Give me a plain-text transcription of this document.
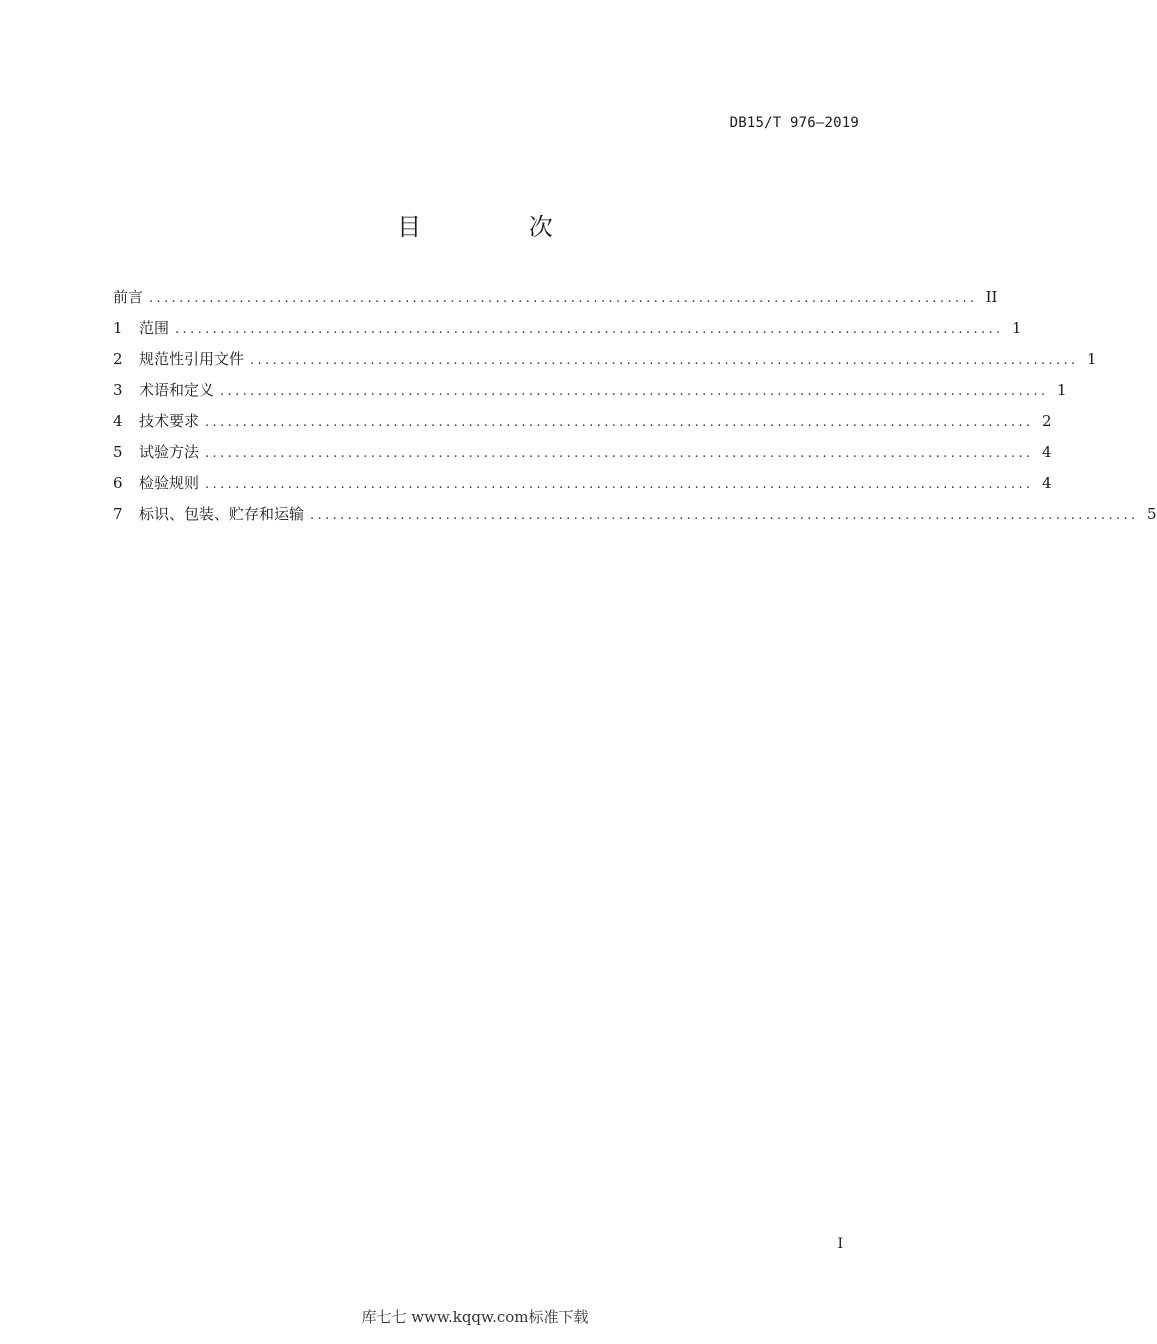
DB15/T 976—2019
目 次
前言 .............................................................................................................. II
1	范围 .............................................................................................................. 1
2	规范性引用文件 .............................................................................................................. 1
3	术语和定义 .............................................................................................................. 1
4	技术要求 .............................................................................................................. 2
5	试验方法 .............................................................................................................. 4
6	检验规则 .............................................................................................................. 4
7	标识、包装、贮存和运输 .............................................................................................................. 5
I
库七七 www.kqqw.com标准下载
